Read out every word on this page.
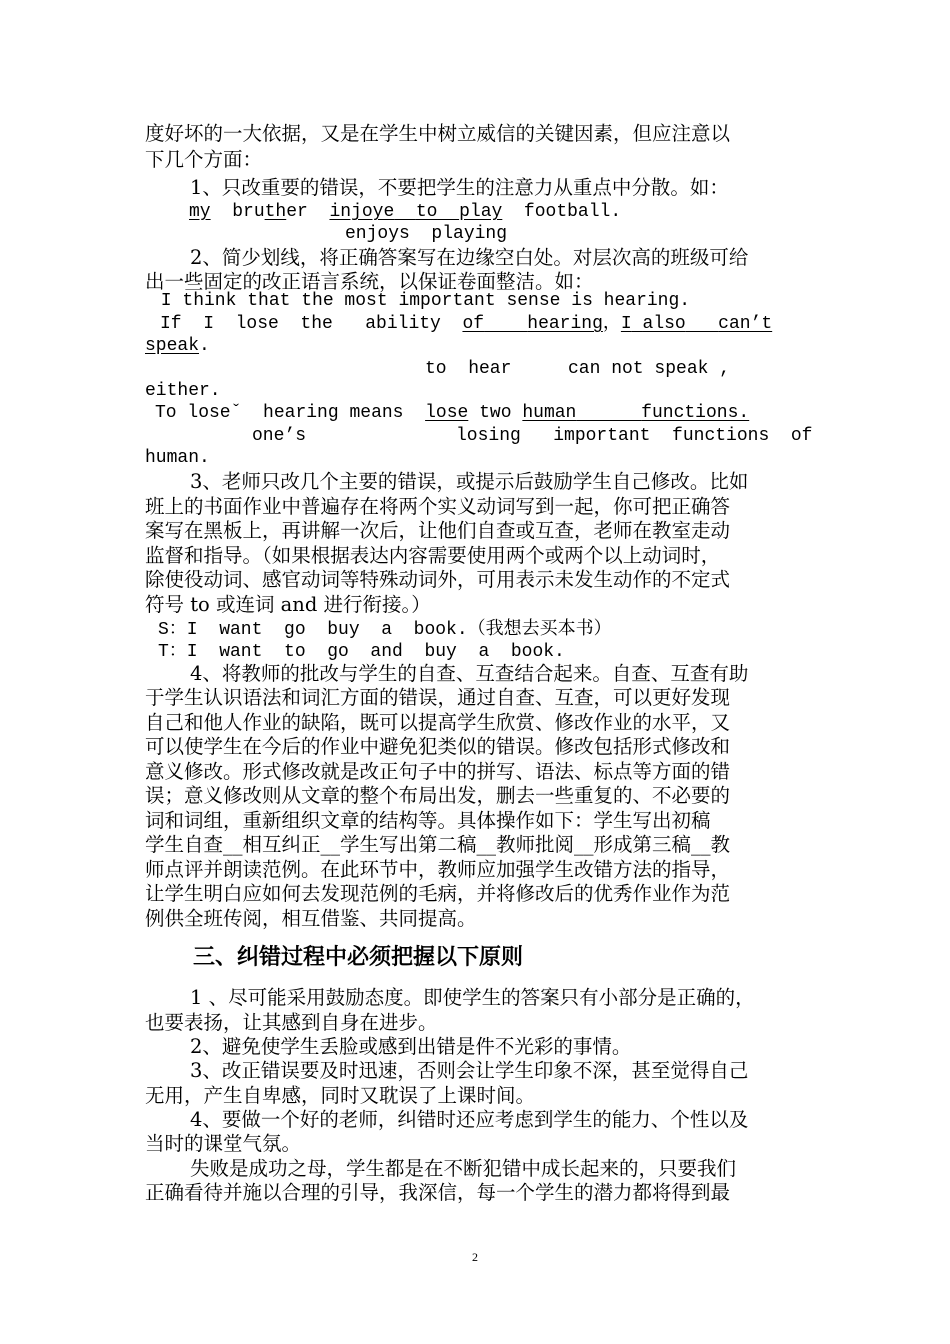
度好坏的一大依据，又是在学生中树立威信的关键因素，但应注意以
下几个方面：
1、只改重要的错误，不要把学生的注意力从重点中分散。如：
my bruther injoye to play football.
enjoys  playing
2、简少划线，将正确答案写在边缘空白处。对层次高的班级可给
出一些固定的改正语言系统，以保证卷面整洁。如：
I think that the most important sense is hearing.
If  I  lose  the   ability  of hearing，I also can’t
speak.
to  hear	can not speak ,
either.
To loseˇ hearing means lose two human	functions.
one’s	losing   important  functions  of
human.
3、老师只改几个主要的错误，或提示后鼓励学生自己修改。比如
班上的书面作业中普遍存在将两个实义动词写到一起，你可把正确答
案写在黑板上，再讲解一次后，让他们自查或互查，老师在教室走动
监督和指导。（如果根据表达内容需要使用两个或两个以上动词时，
除使役动词、感官动词等特殊动词外，可用表示未发生动作的不定式
符号 to 或连词 and 进行衔接。）
S：I  want  go  buy  a  book.（我想去买本书）
T：I  want  to  go  and  buy  a  book.
4、将教师的批改与学生的自查、互查结合起来。自查、互查有助
于学生认识语法和词汇方面的错误，通过自查、互查，可以更好发现
自己和他人作业的缺陷，既可以提高学生欣赏、修改作业的水平，又
可以使学生在今后的作业中避免犯类似的错误。修改包括形式修改和
意义修改。形式修改就是改正句子中的拼写、语法、标点等方面的错
误；意义修改则从文章的整个布局出发，删去一些重复的、不必要的
词和词组，重新组织文章的结构等。具体操作如下：学生写出初稿
学生自查__相互纠正__学生写出第二稿__教师批阅__形成第三稿__教
师点评并朗读范例。在此环节中，教师应加强学生改错方法的指导，
让学生明白应如何去发现范例的毛病，并将修改后的优秀作业作为范
例供全班传阅，相互借鉴、共同提高。
三、纠错过程中必须把握以下原则
1 、尽可能采用鼓励态度。即使学生的答案只有小部分是正确的，
也要表扬，让其感到自身在进步。
2、避免使学生丢脸或感到出错是件不光彩的事情。
3、改正错误要及时迅速，否则会让学生印象不深，甚至觉得自己
无用，产生自卑感，同时又耽误了上课时间。
4、要做一个好的老师，纠错时还应考虑到学生的能力、个性以及
当时的课堂气氛。
失败是成功之母，学生都是在不断犯错中成长起来的，只要我们
正确看待并施以合理的引导，我深信，每一个学生的潜力都将得到最
2
